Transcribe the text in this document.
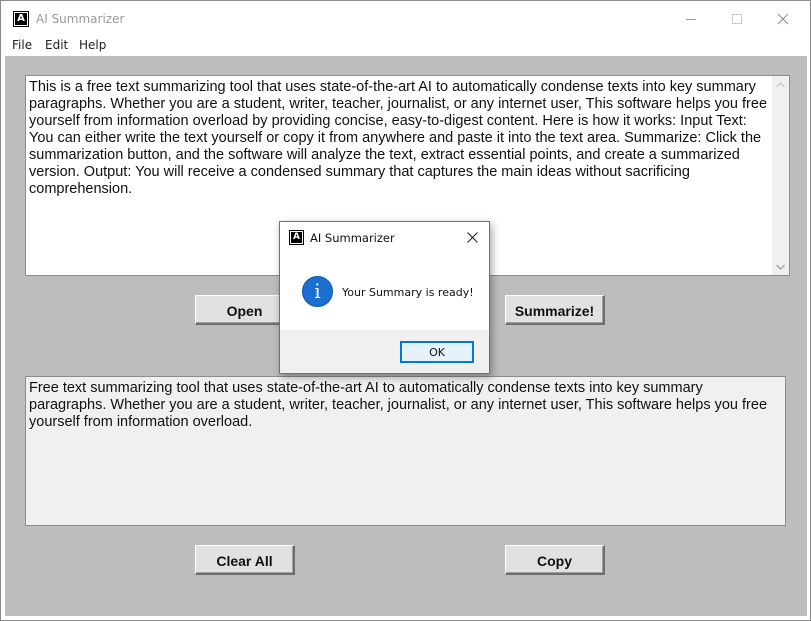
A AI Summarizer
File Edit Help
This is a free text summarizing tool that uses state-of-the-art AI to automatically condense texts into key summary paragraphs. Whether you are a student, writer, teacher, journalist, or any internet user, This software helps you free yourself from information overload by providing concise, easy-to-digest content. Here is how it works: Input Text: You can either write the text yourself or copy it from anywhere and paste it into the text area. Summarize: Click the summarization button, and the software will analyze the text, extract essential points, and create a summarized version. Output: You will receive a condensed summary that captures the main ideas without sacrificing comprehension.
Open	Summarize!
Free text summarizing tool that uses state-of-the-art AI to automatically condense texts into key summary paragraphs. Whether you are a student, writer, teacher, journalist, or any internet user, This software helps you free yourself from information overload.
Clear All	Copy
A AI Summarizer
i	Your Summary is ready!
OK
